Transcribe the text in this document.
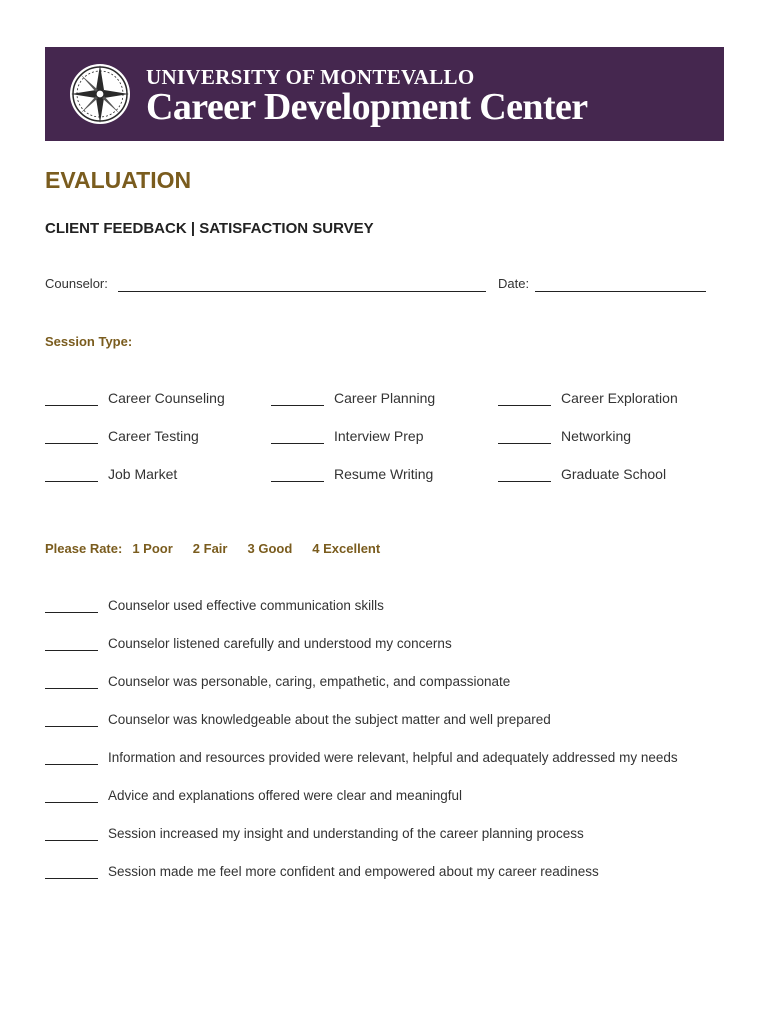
UNIVERSITY OF MONTEVALLO
Career Development Center
EVALUATION
CLIENT FEEDBACK | SATISFACTION SURVEY
Counselor:	Date:
Session Type:
Career Counseling	Career Planning	Career Exploration
Career Testing	Interview Prep	Networking
Job Market	Resume Writing	Graduate School
Please Rate: 1 Poor 2 Fair 3 Good 4 Excellent
Counselor used effective communication skills
Counselor listened carefully and understood my concerns
Counselor was personable, caring, empathetic, and compassionate
Counselor was knowledgeable about the subject matter and well prepared
Information and resources provided were relevant, helpful and adequately addressed my needs
Advice and explanations offered were clear and meaningful
Session increased my insight and understanding of the career planning process
Session made me feel more confident and empowered about my career readiness
